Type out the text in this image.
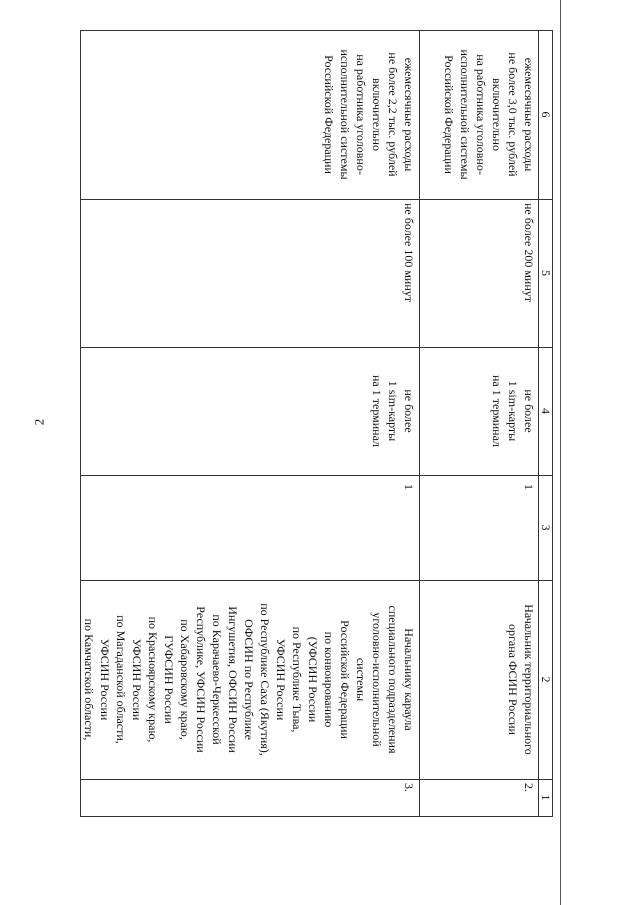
2
6
5
4
3
2
1
ежемесячные расходы
не более 3,0 тыс. рублей
включительно
на работника уголовно-
исполнительной системы
Российской Федерации
не более 200 минут
не более
1 sim-карты
на 1 терминал
1
Начальник территориального
органа ФСИН России
2.
ежемесячные расходы
не более 2,2 тыс. рублей
включительно
на работника уголовно-
исполнительной системы
Российской Федерации
не более 100 минут
не более
1 sim-карты
на 1 терминал
1
Начальнику караула
специального подразделения
уголовно-исполнительной
системы
Российской Федерации
по конвоированию
(УФСИН России
по Республике Тыва,
УФСИН России
по Республике Саха (Якутия),
ОФСИН по Республике
Ингушетия, ОФСИН России
по Карачаево-Черкесской
Республике, УФСИН России
по Хабаровскому краю,
ГУФСИН России
по Красноярскому краю,
УФСИН России
по Магаданской области,
УФСИН России
по Камчатской области,
3.
